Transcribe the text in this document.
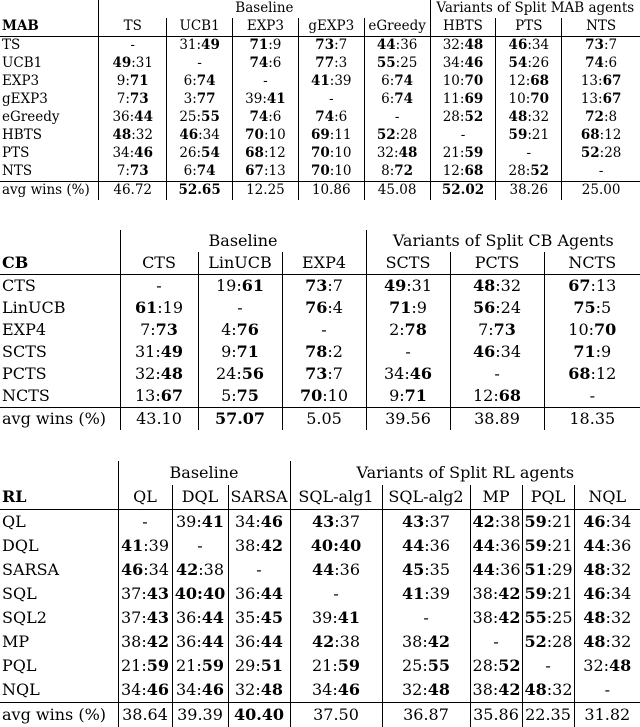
	Baseline					Variants of Split MAB agents		
MAB	TS	UCB1	EXP3	gEXP3	eGreedy	HBTS	PTS	NTS
TS	-	31:49	71:9	73:7	44:36	32:48	46:34	73:7
UCB1	49:31	-	74:6	77:3	55:25	34:46	54:26	74:6
EXP3	9:71	6:74	-	41:39	6:74	10:70	12:68	13:67
gEXP3	7:73	3:77	39:41	-	6:74	11:69	10:70	13:67
eGreedy	36:44	25:55	74:6	74:6	-	28:52	48:32	72:8
HBTS	48:32	46:34	70:10	69:11	52:28	-	59:21	68:12
PTS	34:46	26:54	68:12	70:10	32:48	21:59	-	52:28
NTS	7:73	6:74	67:13	70:10	8:72	12:68	28:52	-
avg wins (%)	46.72	52.65	12.25	10.86	45.08	52.02	38.26	25.00
	Baseline			Variants of Split CB Agents		
CB	CTS	LinUCB	EXP4	SCTS	PCTS	NCTS
CTS	-	19:61	73:7	49:31	48:32	67:13
LinUCB	61:19	-	76:4	71:9	56:24	75:5
EXP4	7:73	4:76	-	2:78	7:73	10:70
SCTS	31:49	9:71	78:2	-	46:34	71:9
PCTS	32:48	24:56	73:7	34:46	-	68:12
NCTS	13:67	5:75	70:10	9:71	12:68	-
avg wins (%)	43.10	57.07	5.05	39.56	38.89	18.35
	Baseline			Variants of Split RL agents				
RL	QL	DQL	SARSA	SQL-alg1	SQL-alg2	MP	PQL	NQL
QL	-	39:41	34:46	43:37	43:37	42:38	59:21	46:34
DQL	41:39	-	38:42	40:40	44:36	44:36	59:21	44:36
SARSA	46:34	42:38	-	44:36	45:35	44:36	51:29	48:32
SQL	37:43	40:40	36:44	-	41:39	38:42	59:21	46:34
SQL2	37:43	36:44	35:45	39:41	-	38:42	55:25	48:32
MP	38:42	36:44	36:44	42:38	38:42	-	52:28	48:32
PQL	21:59	21:59	29:51	21:59	25:55	28:52	-	32:48
NQL	34:46	34:46	32:48	34:46	32:48	38:42	48:32	-
avg wins (%)	38.64	39.39	40.40	37.50	36.87	35.86	22.35	31.82
